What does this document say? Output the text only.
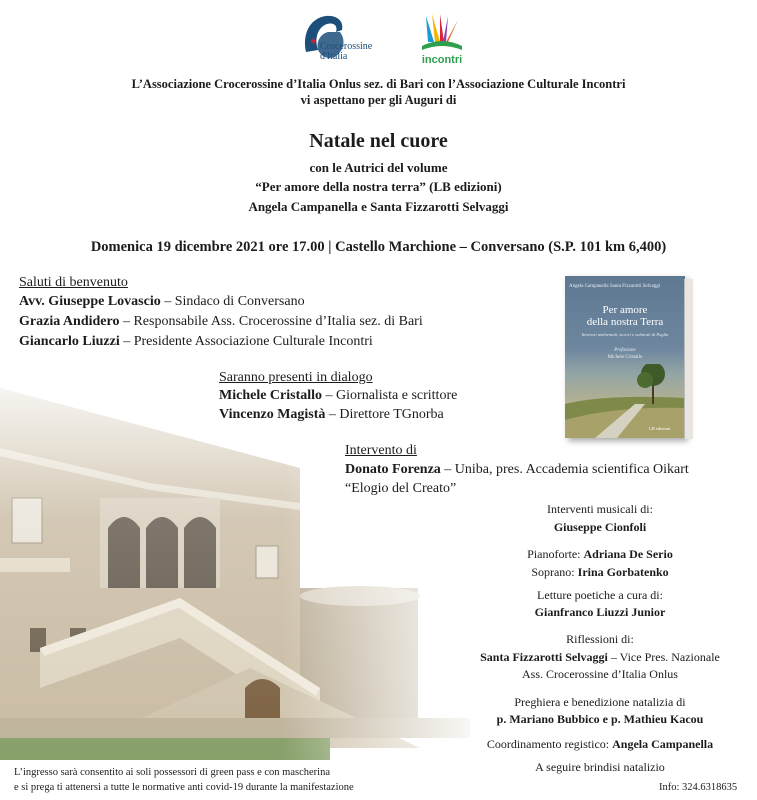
Crocerossine d'Italia	incontri
L’Associazione Crocerossine d’Italia Onlus sez. di Bari con l’Associazione Culturale Incontri
vi aspettano per gli Auguri di
Natale nel cuore
con le Autrici del volume
“Per amore della nostra terra” (LB edizioni)
Angela Campanella e Santa Fizzarotti Selvaggi
Domenica 19 dicembre 2021 ore 17.00 | Castello Marchione – Conversano (S.P. 101 km 6,400)
Saluti di benvenuto
Avv. Giuseppe Lovascio – Sindaco di Conversano
Grazia Andidero – Responsabile Ass. Crocerossine d’Italia sez. di Bari
Giancarlo Liuzzi – Presidente Associazione Culturale Incontri
Angela Campanella Santa Fizzarotti Selvaggi
Per amore
della nostra Terra
Itinerari ambientali, storici e culturali di Puglia
Prefazione
Michele Cristallo
LB edizioni
Saranno presenti in dialogo
Michele Cristallo – Giornalista e scrittore
Vincenzo Magistà – Direttore TGnorba
Intervento di
Donato Forenza – Uniba, pres. Accademia scientifica Oikart
“Elogio del Creato”
Interventi musicali di:
Giuseppe Cionfoli
Pianoforte: Adriana De Serio
Soprano: Irina Gorbatenko
Letture poetiche a cura di:
Gianfranco Liuzzi Junior
Riflessioni di:
Santa Fizzarotti Selvaggi – Vice Pres. Nazionale
Ass. Crocerossine d’Italia Onlus
Preghiera e benedizione natalizia di
p. Mariano Bubbico e p. Mathieu Kacou
Coordinamento registico: Angela Campanella
A seguire brindisi natalizio
L’ingresso sarà consentito ai soli possessori di green pass e con mascherina
e si prega ti attenersi a tutte le normative anti covid-19 durante la manifestazione	Info: 324.6318635
